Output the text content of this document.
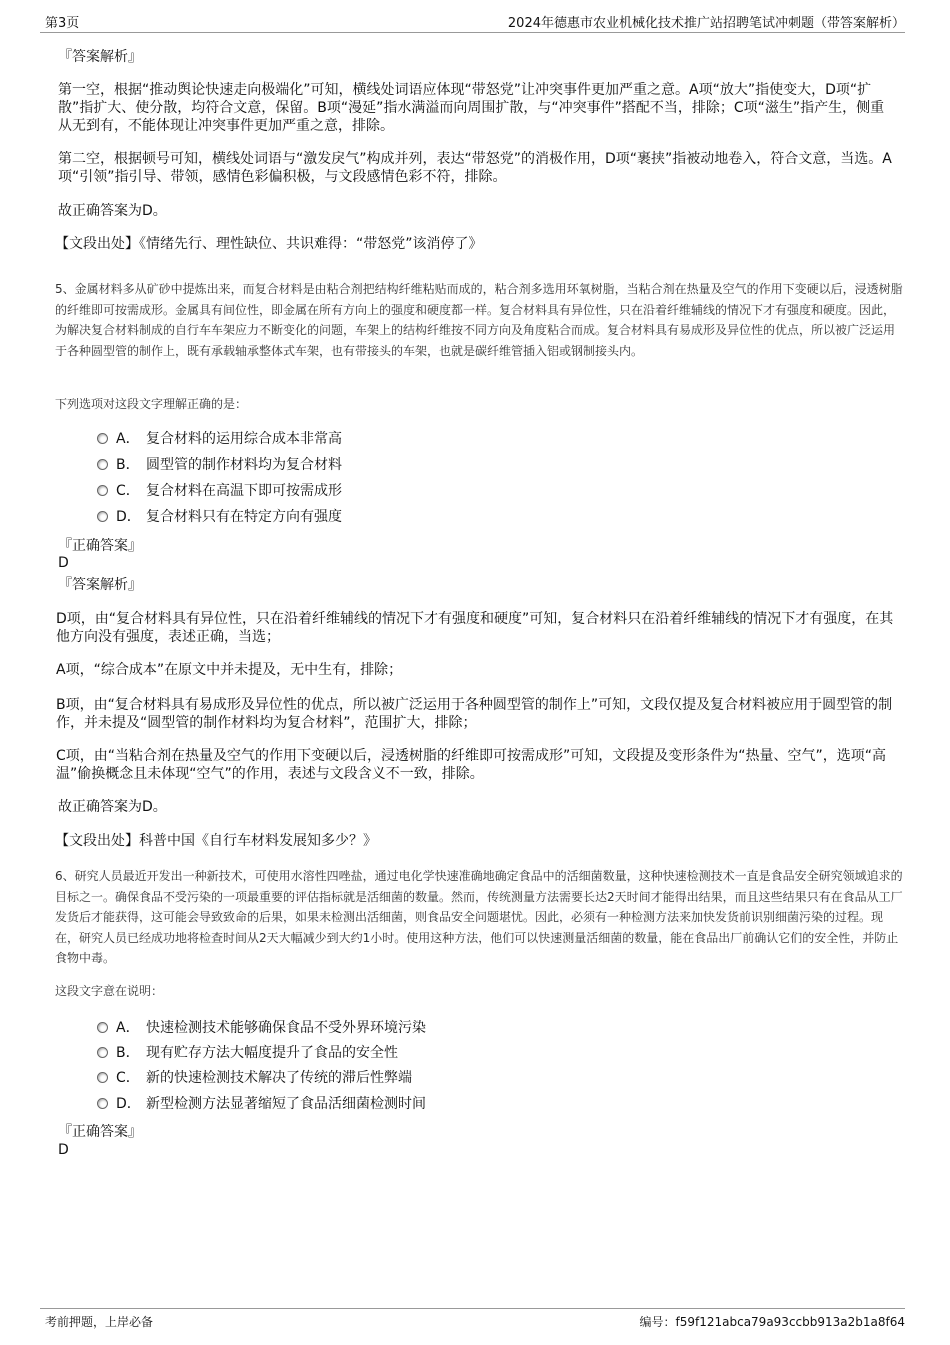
第3页	2024年德惠市农业机械化技术推广站招聘笔试冲刺题（带答案解析）
『答案解析』
第一空，根据“推动舆论快速走向极端化”可知，横线处词语应体现“带怒党”让冲突事件更加严重之意。A项“放大”指使变大，D项“扩散”指扩大、使分散，均符合文意，保留。B项“漫延”指水满溢而向周围扩散，与“冲突事件”搭配不当，排除；C项“滋生”指产生，侧重从无到有，不能体现让冲突事件更加严重之意，排除。
第二空，根据顿号可知，横线处词语与“激发戾气”构成并列，表达“带怒党”的消极作用，D项“裹挟”指被动地卷入，符合文意，当选。A项“引领”指引导、带领，感情色彩偏积极，与文段感情色彩不符，排除。
故正确答案为D。
【文段出处】《情绪先行、理性缺位、共识难得：“带怒党”该消停了》
5、金属材料多从矿砂中提炼出来，而复合材料是由粘合剂把结构纤维粘贴而成的，粘合剂多选用环氧树脂，当粘合剂在热量及空气的作用下变硬以后，浸透树脂的纤维即可按需成形。金属具有间位性，即金属在所有方向上的强度和硬度都一样。复合材料具有异位性，只在沿着纤维辅线的情况下才有强度和硬度。因此，为解决复合材料制成的自行车车架应力不断变化的问题，车架上的结构纤维按不同方向及角度粘合而成。复合材料具有易成形及异位性的优点，所以被广泛运用于各种圆型管的制作上，既有承载轴承整体式车架，也有带接头的车架，也就是碳纤维管插入铝或钢制接头内。
下列选项对这段文字理解正确的是：
A． 复合材料的运用综合成本非常高
B． 圆型管的制作材料均为复合材料
C． 复合材料在高温下即可按需成形
D． 复合材料只有在特定方向有强度
『正确答案』
D
『答案解析』
D项，由“复合材料具有异位性，只在沿着纤维辅线的情况下才有强度和硬度”可知，复合材料只在沿着纤维辅线的情况下才有强度，在其他方向没有强度，表述正确，当选；
A项，“综合成本”在原文中并未提及，无中生有，排除；
B项，由“复合材料具有易成形及异位性的优点，所以被广泛运用于各种圆型管的制作上”可知，文段仅提及复合材料被应用于圆型管的制作，并未提及“圆型管的制作材料均为复合材料”，范围扩大，排除；
C项，由“当粘合剂在热量及空气的作用下变硬以后，浸透树脂的纤维即可按需成形”可知，文段提及变形条件为“热量、空气”，选项“高温”偷换概念且未体现“空气”的作用，表述与文段含义不一致，排除。
故正确答案为D。
【文段出处】科普中国《自行车材料发展知多少？》
6、研究人员最近开发出一种新技术，可使用水溶性四唑盐，通过电化学快速准确地确定食品中的活细菌数量，这种快速检测技术一直是食品安全研究领域追求的目标之一。确保食品不受污染的一项最重要的评估指标就是活细菌的数量。然而，传统测量方法需要长达2天时间才能得出结果，而且这些结果只有在食品从工厂发货后才能获得，这可能会导致致命的后果，如果未检测出活细菌，则食品安全问题堪忧。因此，必须有一种检测方法来加快发货前识别细菌污染的过程。现在，研究人员已经成功地将检查时间从2天大幅减少到大约1小时。使用这种方法，他们可以快速测量活细菌的数量，能在食品出厂前确认它们的安全性，并防止食物中毒。
这段文字意在说明：
A． 快速检测技术能够确保食品不受外界环境污染
B． 现有贮存方法大幅度提升了食品的安全性
C． 新的快速检测技术解决了传统的滞后性弊端
D． 新型检测方法显著缩短了食品活细菌检测时间
『正确答案』
D
考前押题，上岸必备	编号：f59f121abca79a93ccbb913a2b1a8f64
